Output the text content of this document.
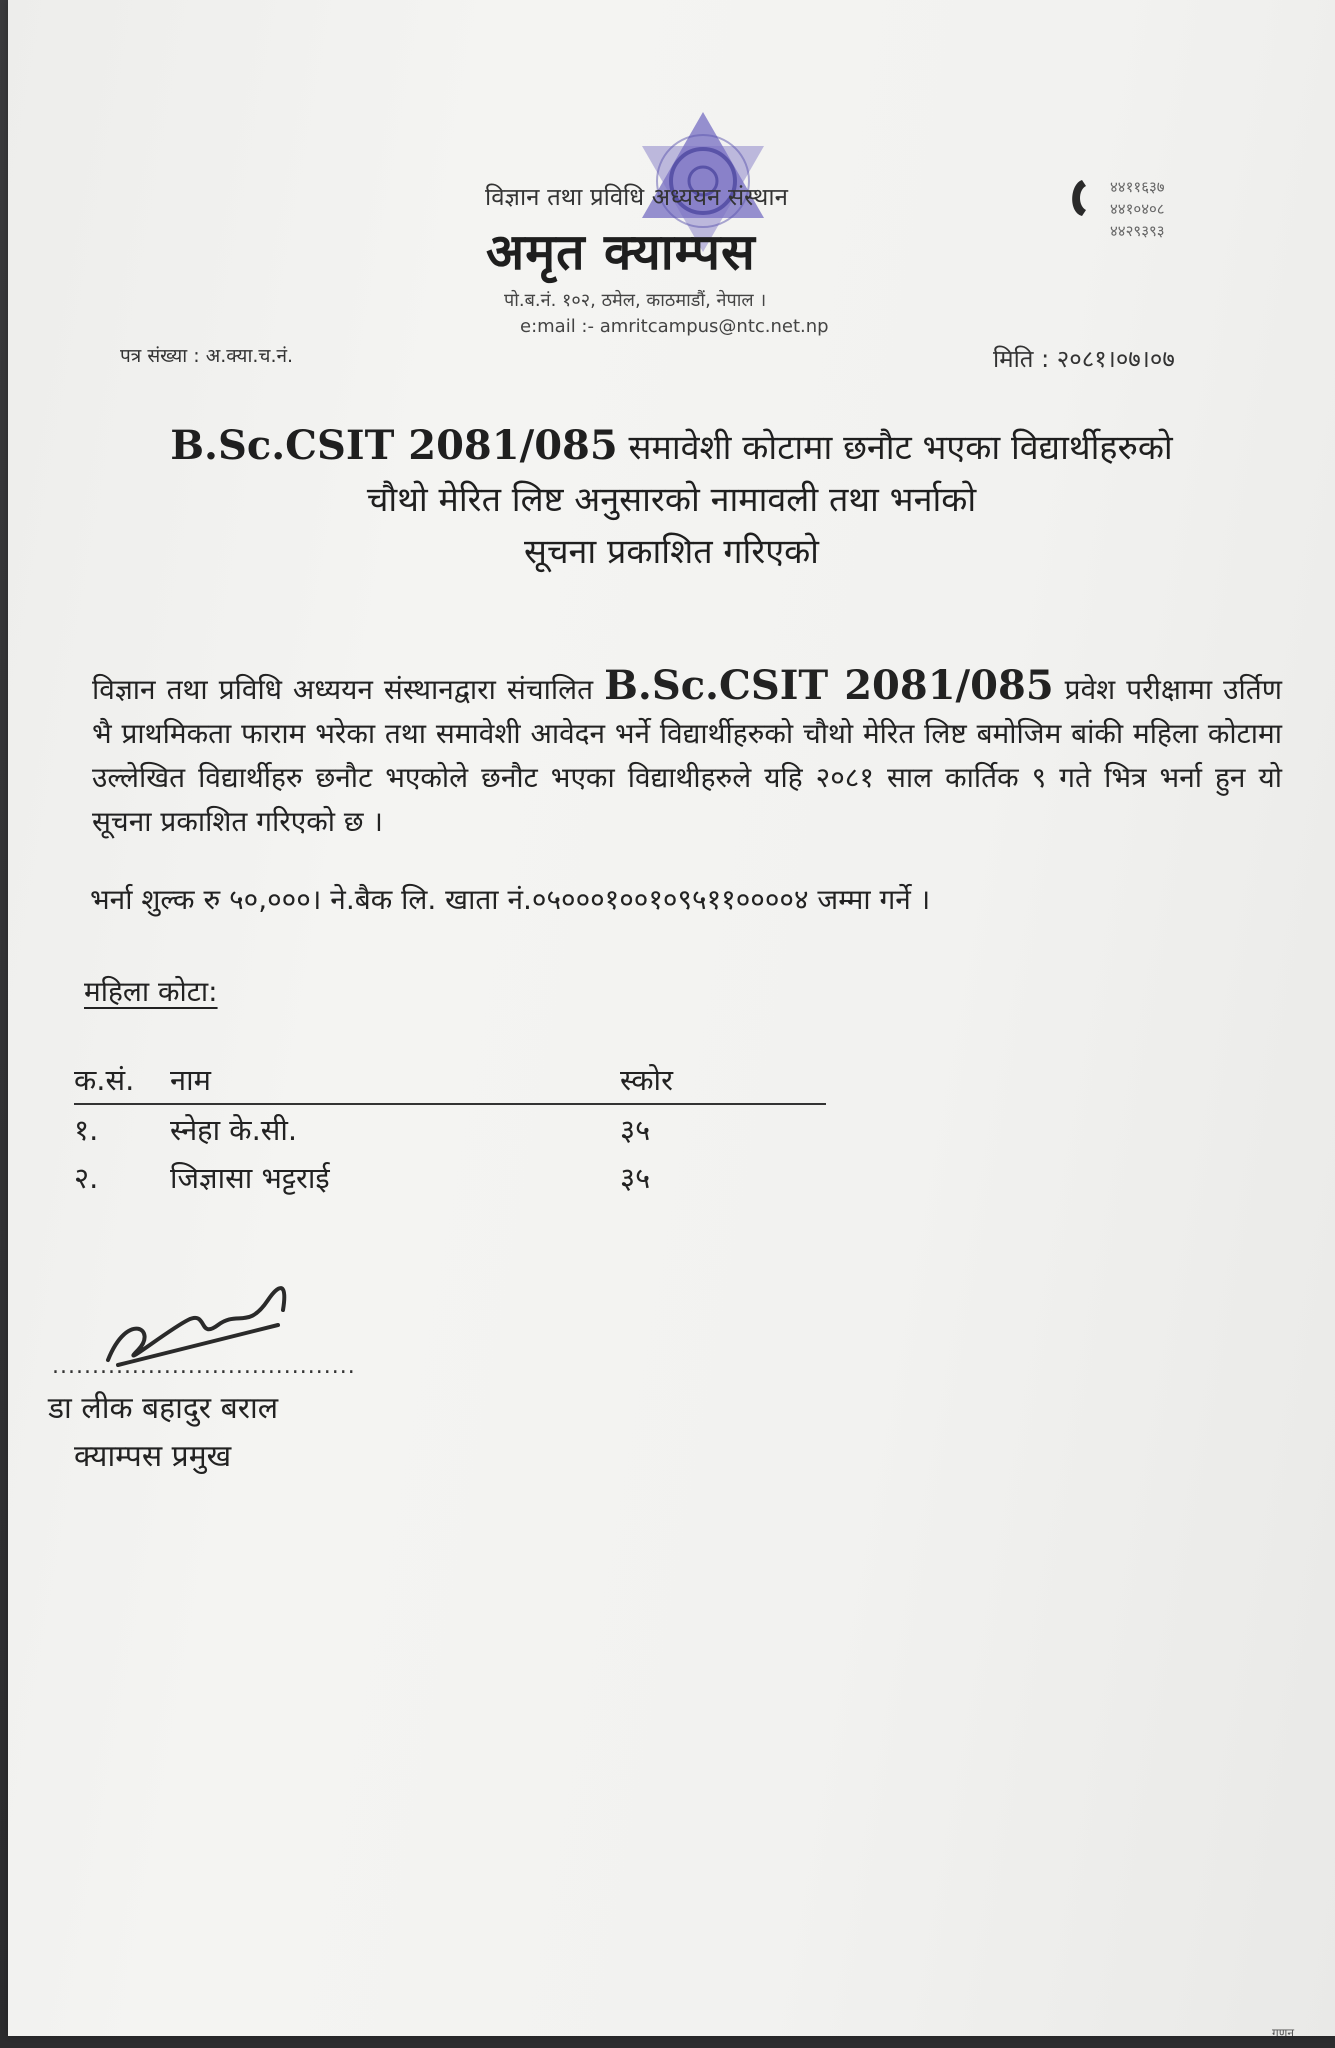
विज्ञान तथा प्रविधि अध्ययन संस्थान
अमृत क्याम्पस
पो.ब.नं. १०२, ठमेल, काठमाडौं, नेपाल ।
e:mail :- amritcampus@ntc.net.np
४४११६३७
४४१०४०८
४४२९३९३
पत्र संख्या : अ.क्या.च.नं.	मिति : २०८१।०७।०७
B.Sc.CSIT 2081/085 समावेशी कोटामा छनौट भएका विद्यार्थीहरुको
चौथो मेरित लिष्ट अनुसारको नामावली तथा भर्नाको
सूचना प्रकाशित गरिएको
विज्ञान तथा प्रविधि अध्ययन संस्थानद्वारा संचालित B.Sc.CSIT 2081/085 प्रवेश परीक्षामा उर्तिण भै प्राथमिकता फाराम भरेका तथा समावेशी आवेदन भर्ने विद्यार्थीहरुको चौथो मेरित लिष्ट बमोजिम बांकी महिला कोटामा उल्लेखित विद्यार्थीहरु छनौट भएकोले छनौट भएका विद्याथीहरुले यहि २०८१ साल कार्तिक ९ गते भित्र भर्ना हुन यो सूचना प्रकाशित गरिएको छ ।
भर्ना शुल्क रु ५०,०००। ने.बैक लि. खाता नं.०५०००१००१०९५११००००४ जम्मा गर्ने ।
महिला कोटा:
क.सं.	नाम	स्कोर
१.	स्नेहा के.सी.	३५
२.	जिज्ञासा भट्टराई	३५
......................................
डा लीक बहादुर बराल
क्याम्पस प्रमुख
गणन
